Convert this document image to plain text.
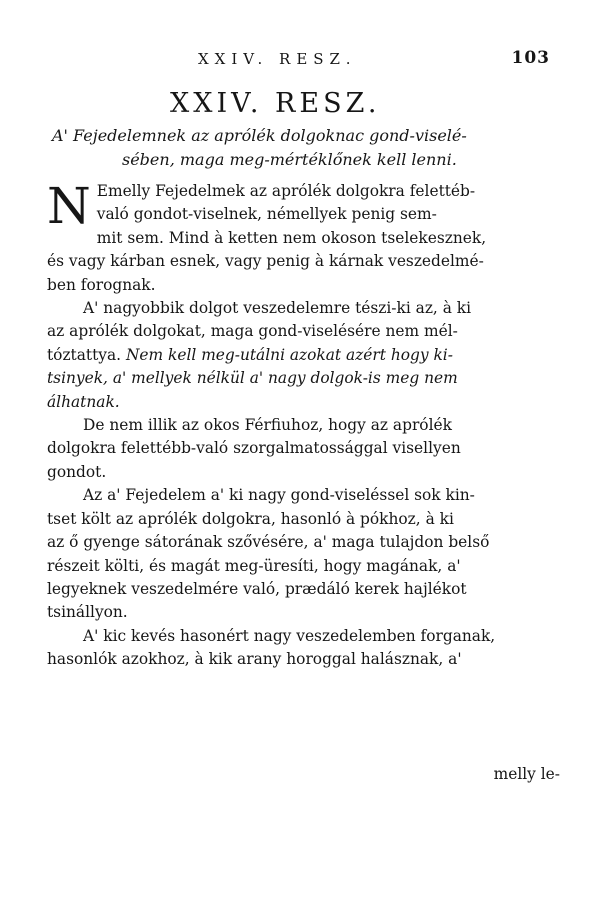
XXIV. RESZ.	103
XXIV. RESZ.
A' Fejedelemnek az aprólék dolgoknac gond-viselé-
sében, maga meg-mértéklőnek kell lenni.

NEmelly Fejedelmek az aprólék dolgokra felettéb-
való gondot-viselnek, némellyek penig sem-
mit sem. Mind à ketten nem okoson tselekesznek,
és vagy kárban esnek, vagy penig à kárnak veszedelmé-
ben forognak.

A' nagyobbik dolgot veszedelemre tészi-ki az, à ki
az aprólék dolgokat, maga gond-viselésére nem mél-
tóztattya. Nem kell meg-utálni azokat azért hogy ki-
tsinyek, a' mellyek nélkül a' nagy dolgok-is meg nem
álhatnak.

De nem illik az okos Férfiuhoz, hogy az aprólék
dolgokra felettébb-való szorgalmatossággal visellyen
gondot.

Az a' Fejedelem a' ki nagy gond-viseléssel sok kin-
tset költ az aprólék dolgokra, hasonló à pókhoz, à ki
az ő gyenge sátorának szővésére, a' maga tulajdon belső
részeit költi, és magát meg-üresíti, hogy magának, a'
legyeknek veszedelmére való, prædáló kerek hajlékot
tsinállyon.

A' kic kevés hasonért nagy veszedelemben forganak,
hasonlók azokhoz, à kik arany horoggal halásznak, a'

melly le-
